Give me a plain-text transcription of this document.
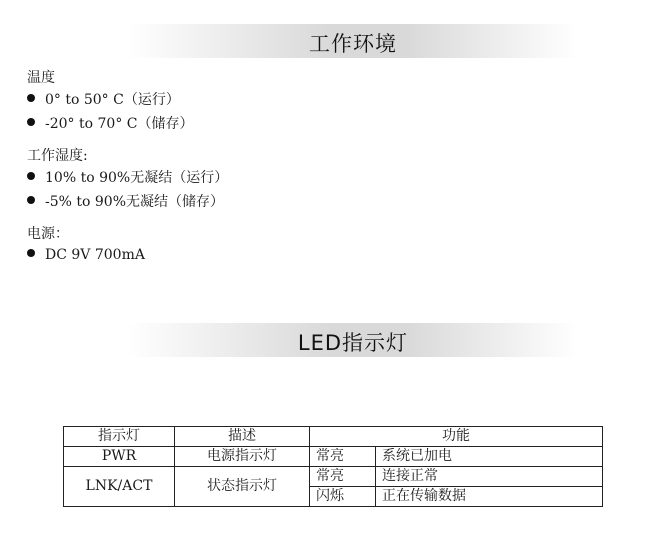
工作环境
温度
0° to 50° C（运行）
-20° to 70° C（储存）
工作湿度:
10% to 90%无凝结（运行）
-5% to 90%无凝结（储存）
电源：
DC 9V 700mA
LED指示灯
指示灯	描述	功能	
PWR	电源指示灯	常亮	系统已加电
LNK/ACT	状态指示灯	常亮	连接正常
		闪烁	正在传输数据
